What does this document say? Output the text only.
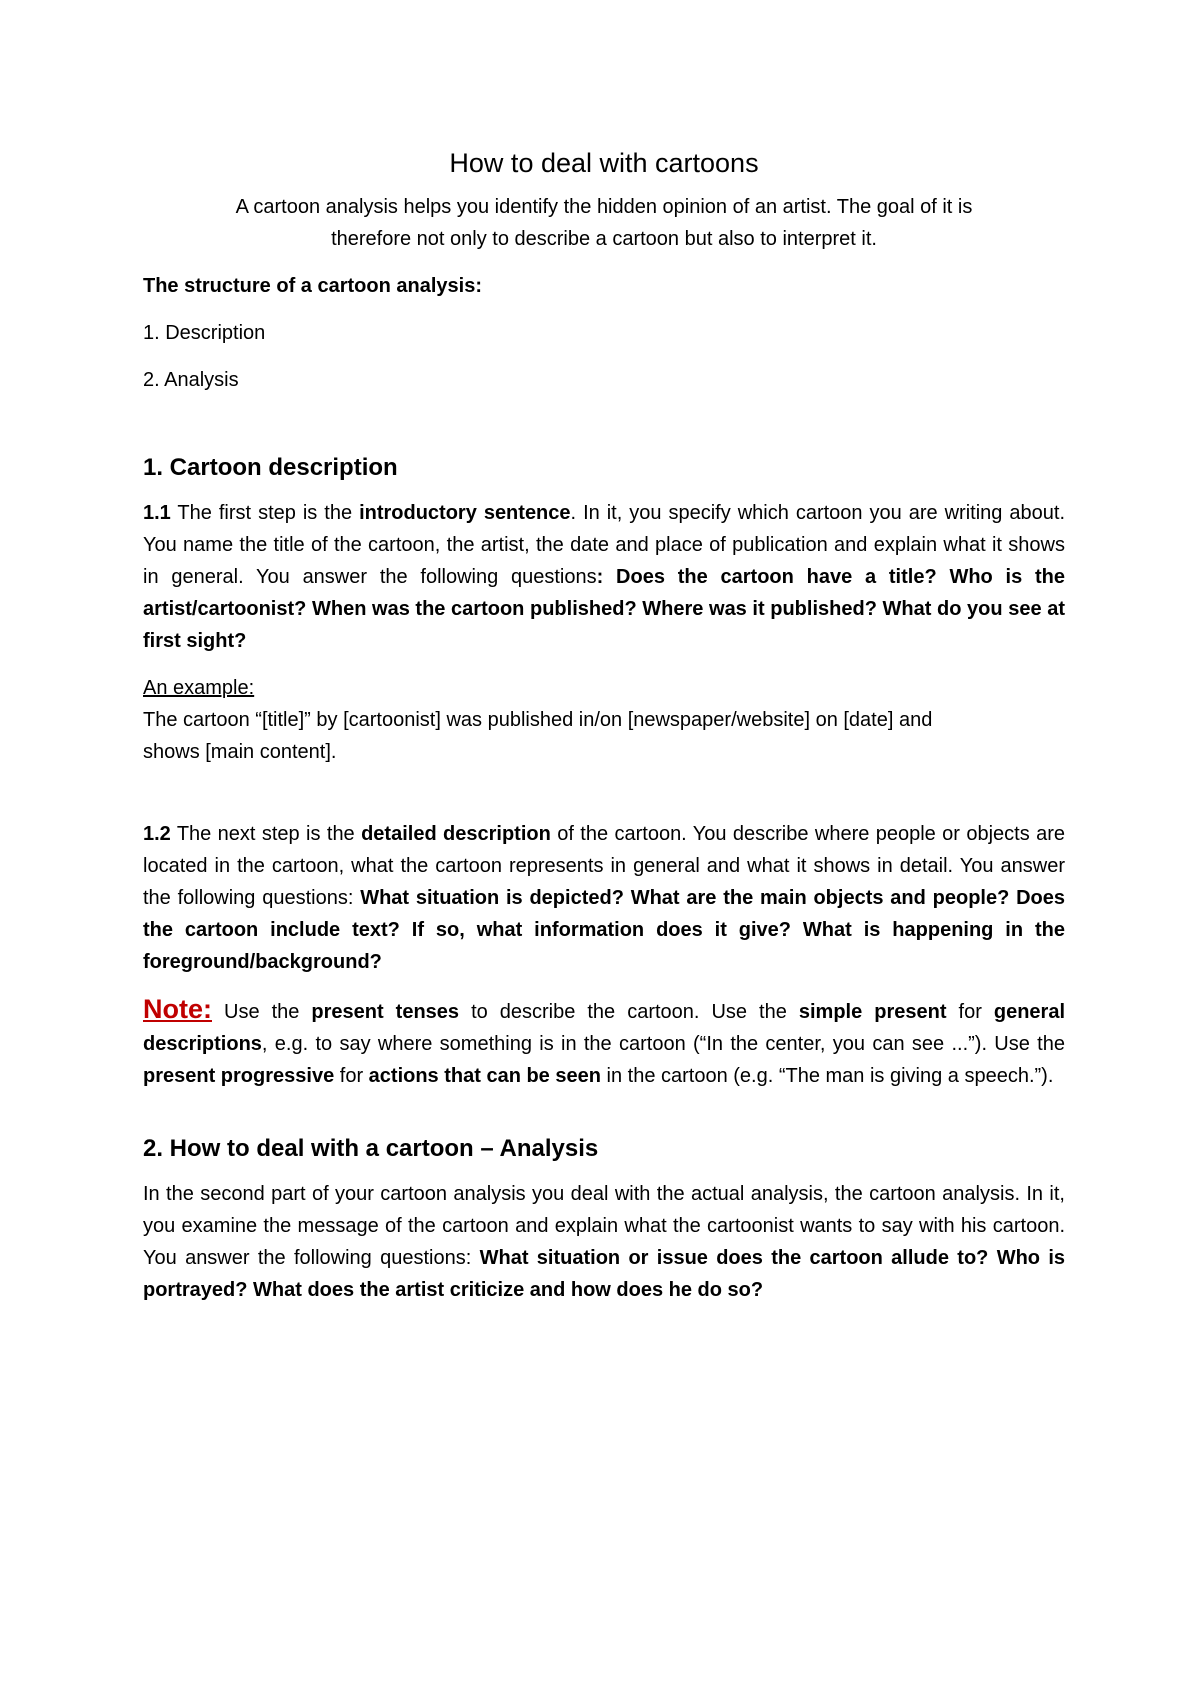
How to deal with cartoons

A cartoon analysis helps you identify the hidden opinion of an artist. The goal of it is
therefore not only to describe a cartoon but also to interpret it.

The structure of a cartoon analysis:

1. Description

2. Analysis

1. Cartoon description

1.1 The first step is the introductory sentence. In it, you specify which cartoon you are writing about. You name the title of the cartoon, the artist, the date and place of publication and explain what it shows in general. You answer the following questions: Does the cartoon have a title? Who is the artist/cartoonist? When was the cartoon published? Where was it published? What do you see at first sight?

An example:
The cartoon “[title]” by [cartoonist] was published in/on [newspaper/website] on [date] and
shows [main content].

1.2 The next step is the detailed description of the cartoon. You describe where people or objects are located in the cartoon, what the cartoon represents in general and what it shows in detail. You answer the following questions: What situation is depicted? What are the main objects and people? Does the cartoon include text? If so, what information does it give? What is happening in the foreground/background?

Note: Use the present tenses to describe the cartoon. Use the simple present for general descriptions, e.g. to say where something is in the cartoon (“In the center, you can see ...”). Use the present progressive for actions that can be seen in the cartoon (e.g. “The man is giving a speech.”).

2. How to deal with a cartoon – Analysis

In the second part of your cartoon analysis you deal with the actual analysis, the cartoon analysis. In it, you examine the message of the cartoon and explain what the cartoonist wants to say with his cartoon. You answer the following questions: What situation or issue does the cartoon allude to? Who is portrayed? What does the artist criticize and how does he do so?
